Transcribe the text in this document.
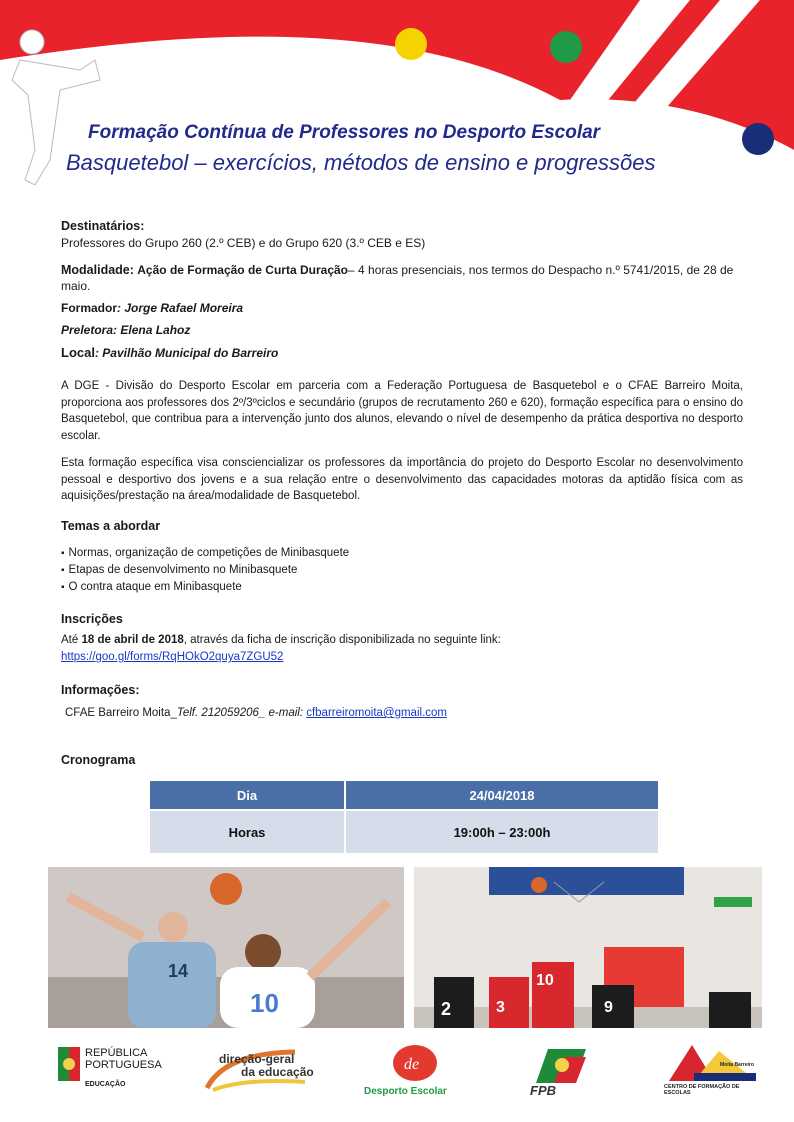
Formação Contínua de Professores no Desporto Escolar
Basquetebol – exercícios, métodos de ensino e progressões
Destinatários:
Professores do Grupo 260 (2.º CEB) e do Grupo 620 (3.º CEB e ES)
Modalidade: Ação de Formação de Curta Duração– 4 horas presenciais, nos termos do Despacho n.º 5741/2015, de 28 de maio.
Formador: Jorge Rafael Moreira
Preletora: Elena Lahoz
Local: Pavilhão Municipal do Barreiro
A DGE - Divisão do Desporto Escolar em parceria com a Federação Portuguesa de Basquetebol e o CFAE Barreiro Moita, proporciona aos professores dos 2º/3ºciclos e secundário (grupos de recrutamento 260 e 620), formação específica para o ensino do Basquetebol, que contribua para a intervenção junto dos alunos, elevando o nível de desempenho da prática desportiva no desporto escolar.
Esta formação específica visa consciencializar os professores da importância do projeto do Desporto Escolar no desenvolvimento pessoal e desportivo dos jovens e a sua relação entre o desenvolvimento das capacidades motoras da aptidão física com as aquisições/prestação na área/modalidade de Basquetebol.
Temas a abordar
▪ Normas, organização de competições de Minibasquete
▪ Etapas de desenvolvimento no Minibasquete
▪ O contra ataque em Minibasquete
Inscrições
Até 18 de abril de 2018, através da ficha de inscrição disponibilizada no seguinte link:
https://goo.gl/forms/RqHOkO2quya7ZGU52
Informações:
CFAE Barreiro Moita_Telf. 212059206_ e-mail: cfbarreiromoita@gmail.com
Cronograma
Dia	24/04/2018
Horas	19:00h – 23:00h
14
10	2	3
10
9
REPÚBLICA
PORTUGUESA
EDUCAÇÃO
direção-geral
da educação	de
Desporto Escolar	FPB
Moita Barreiro
CENTRO DE FORMAÇÃO DE ESCOLAS
